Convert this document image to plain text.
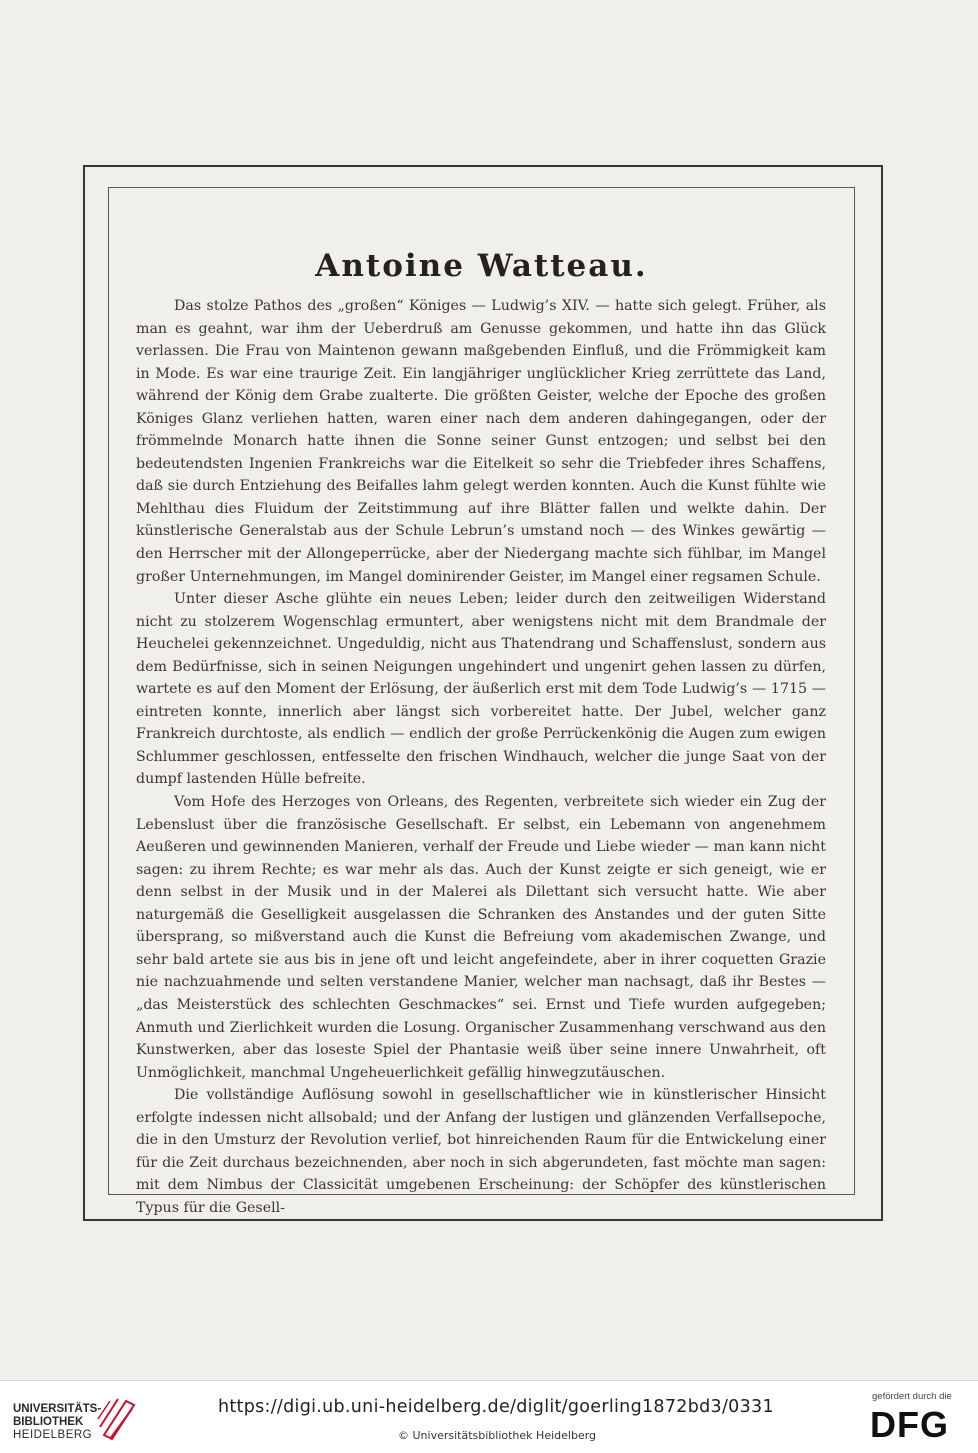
Antoine Watteau.

Das stolze Pathos des „großen“ Königes — Ludwig’s XIV. — hatte sich gelegt. Früher, als man es geahnt, war ihm der Ueberdruß am Genusse gekommen, und hatte ihn das Glück verlassen. Die Frau von Maintenon gewann maßgebenden Einfluß, und die Frömmigkeit kam in Mode. Es war eine traurige Zeit. Ein langjähriger unglücklicher Krieg zerrüttete das Land, während der König dem Grabe zualterte. Die größten Geister, welche der Epoche des großen Königes Glanz verliehen hatten, waren einer nach dem anderen dahingegangen, oder der frömmelnde Monarch hatte ihnen die Sonne seiner Gunst entzogen; und selbst bei den bedeutendsten Ingenien Frankreichs war die Eitelkeit so sehr die Triebfeder ihres Schaffens, daß sie durch Entziehung des Beifalles lahm gelegt werden konnten. Auch die Kunst fühlte wie Mehlthau dies Fluidum der Zeitstimmung auf ihre Blätter fallen und welkte dahin. Der künstlerische Generalstab aus der Schule Lebrun’s umstand noch — des Winkes gewärtig — den Herrscher mit der Allongeperrücke, aber der Niedergang machte sich fühlbar, im Mangel großer Unternehmungen, im Mangel dominirender Geister, im Mangel einer regsamen Schule.

Unter dieser Asche glühte ein neues Leben; leider durch den zeitweiligen Widerstand nicht zu stolzerem Wogenschlag ermuntert, aber wenigstens nicht mit dem Brandmale der Heuchelei gekennzeichnet. Ungeduldig, nicht aus Thatendrang und Schaffenslust, sondern aus dem Bedürfnisse, sich in seinen Neigungen ungehindert und ungenirt gehen lassen zu dürfen, wartete es auf den Moment der Erlösung, der äußerlich erst mit dem Tode Ludwig’s — 1715 — eintreten konnte, innerlich aber längst sich vorbereitet hatte. Der Jubel, welcher ganz Frankreich durchtoste, als endlich — endlich der große Perrückenkönig die Augen zum ewigen Schlummer geschlossen, entfesselte den frischen Windhauch, welcher die junge Saat von der dumpf lastenden Hülle befreite.

Vom Hofe des Herzoges von Orleans, des Regenten, verbreitete sich wieder ein Zug der Lebenslust über die französische Gesellschaft. Er selbst, ein Lebemann von angenehmem Aeußeren und gewinnenden Manieren, verhalf der Freude und Liebe wieder — man kann nicht sagen: zu ihrem Rechte; es war mehr als das. Auch der Kunst zeigte er sich geneigt, wie er denn selbst in der Musik und in der Malerei als Dilettant sich versucht hatte. Wie aber naturgemäß die Geselligkeit ausgelassen die Schranken des Anstandes und der guten Sitte übersprang, so mißverstand auch die Kunst die Befreiung vom akademischen Zwange, und sehr bald artete sie aus bis in jene oft und leicht angefeindete, aber in ihrer coquetten Grazie nie nachzuahmende und selten verstandene Manier, welcher man nachsagt, daß ihr Bestes — „das Meisterstück des schlechten Geschmackes“ sei. Ernst und Tiefe wurden aufgegeben; Anmuth und Zierlichkeit wurden die Losung. Organischer Zusammenhang verschwand aus den Kunstwerken, aber das loseste Spiel der Phantasie weiß über seine innere Unwahrheit, oft Unmöglichkeit, manchmal Ungeheuerlichkeit gefällig hinwegzutäuschen.

Die vollständige Auflösung sowohl in gesellschaftlicher wie in künstlerischer Hinsicht erfolgte indessen nicht allsobald; und der Anfang der lustigen und glänzenden Verfallsepoche, die in den Umsturz der Revolution verlief, bot hinreichenden Raum für die Entwickelung einer für die Zeit durchaus bezeichnenden, aber noch in sich abgerundeten, fast möchte man sagen: mit dem Nimbus der Classicität umgebenen Erscheinung: der Schöpfer des künstlerischen Typus für die Gesell-

UNIVERSITÄTS-
BIBLIOTHEK
HEIDELBERG
https://digi.ub.uni-heidelberg.de/diglit/goerling1872bd3/0331
© Universitätsbibliothek Heidelberg
gefördert durch die
DFG
